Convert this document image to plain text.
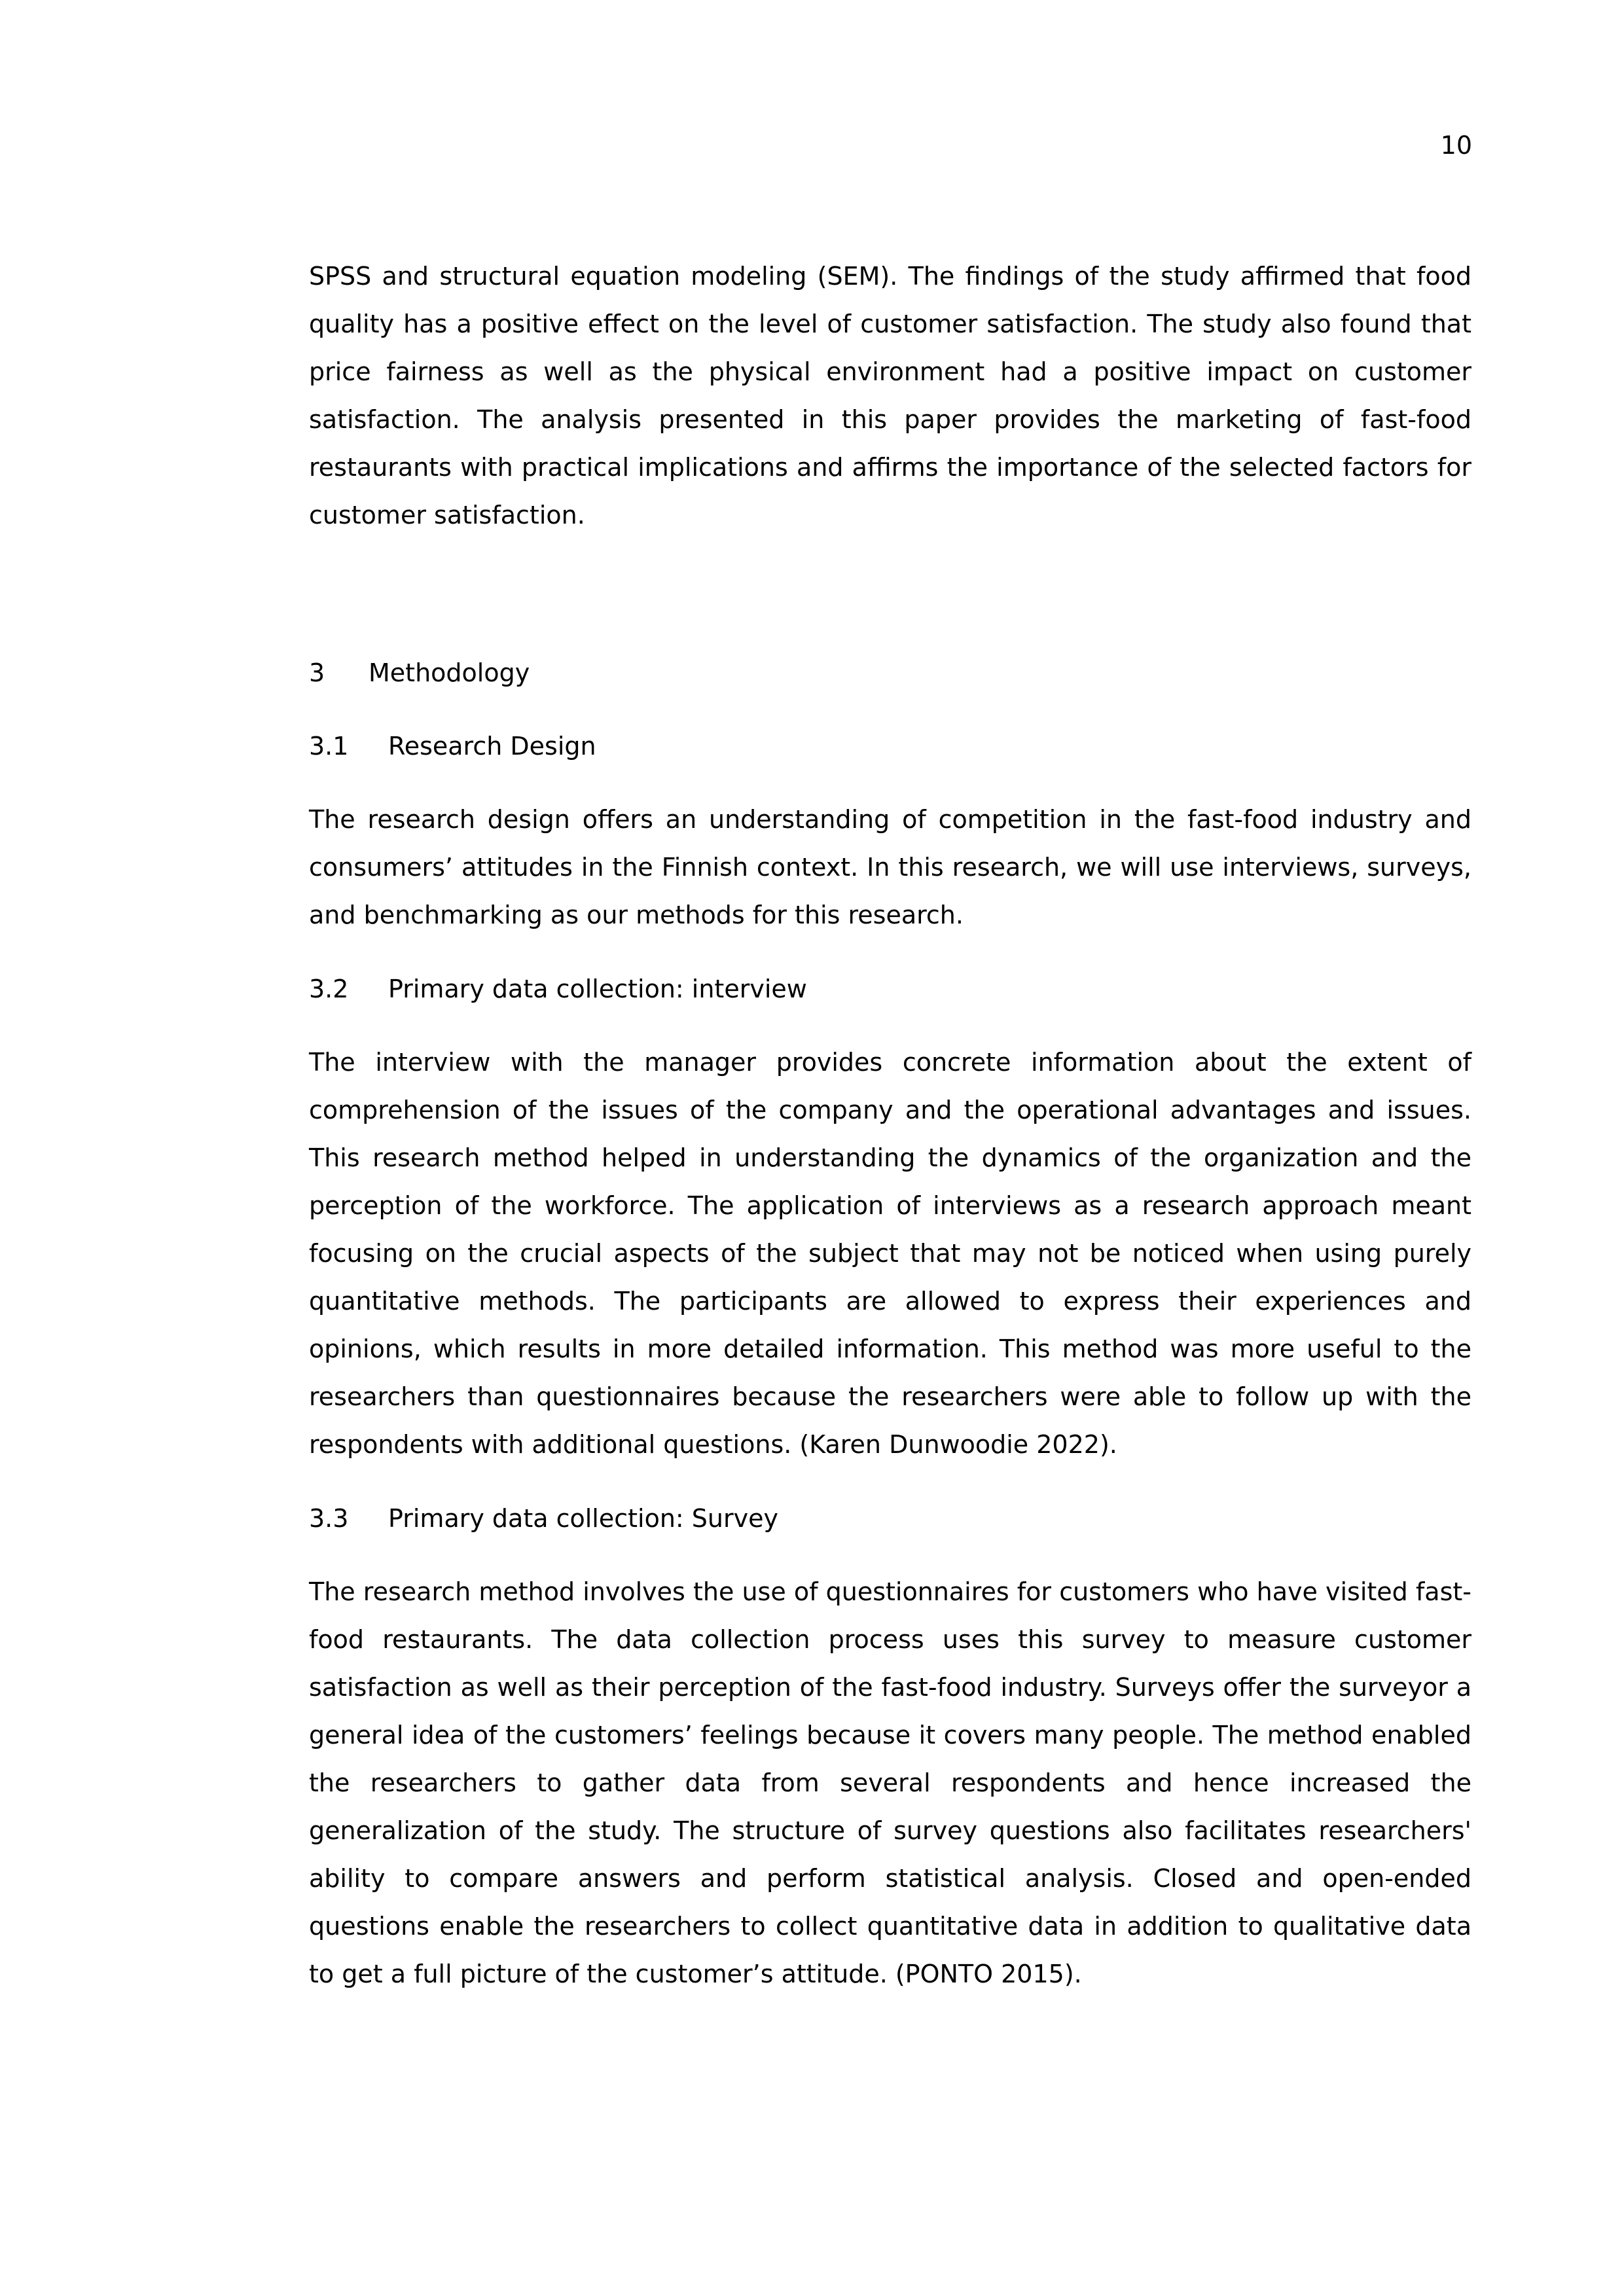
10

SPSS and structural equation modeling (SEM). The findings of the study affirmed that food quality has a positive effect on the level of customer satisfaction. The study also found that price fairness as well as the physical environment had a positive impact on customer satisfaction. The analysis presented in this paper provides the marketing of fast-food restaurants with practical implications and affirms the importance of the selected factors for customer satisfaction.

3	Methodology
3.1	Research Design

The research design offers an understanding of competition in the fast-food industry and consumers’ attitudes in the Finnish context. In this research, we will use interviews, surveys, and benchmarking as our methods for this research.

3.2	Primary data collection: interview

The interview with the manager provides concrete information about the extent of comprehension of the issues of the company and the operational advantages and issues. This research method helped in understanding the dynamics of the organization and the perception of the workforce. The application of interviews as a research approach meant focusing on the crucial aspects of the subject that may not be noticed when using purely quantitative methods. The participants are allowed to express their experiences and opinions, which results in more detailed information. This method was more useful to the researchers than questionnaires because the researchers were able to follow up with the respondents with additional questions. (Karen Dunwoodie 2022).

3.3	Primary data collection: Survey

The research method involves the use of questionnaires for customers who have visited fast-food restaurants. The data collection process uses this survey to measure customer satisfaction as well as their perception of the fast-food industry. Surveys offer the surveyor a general idea of the customers’ feelings because it covers many people. The method enabled the researchers to gather data from several respondents and hence increased the generalization of the study. The structure of survey questions also facilitates researchers' ability to compare answers and perform statistical analysis. Closed and open-ended questions enable the researchers to collect quantitative data in addition to qualitative data to get a full picture of the customer’s attitude. (PONTO 2015).
